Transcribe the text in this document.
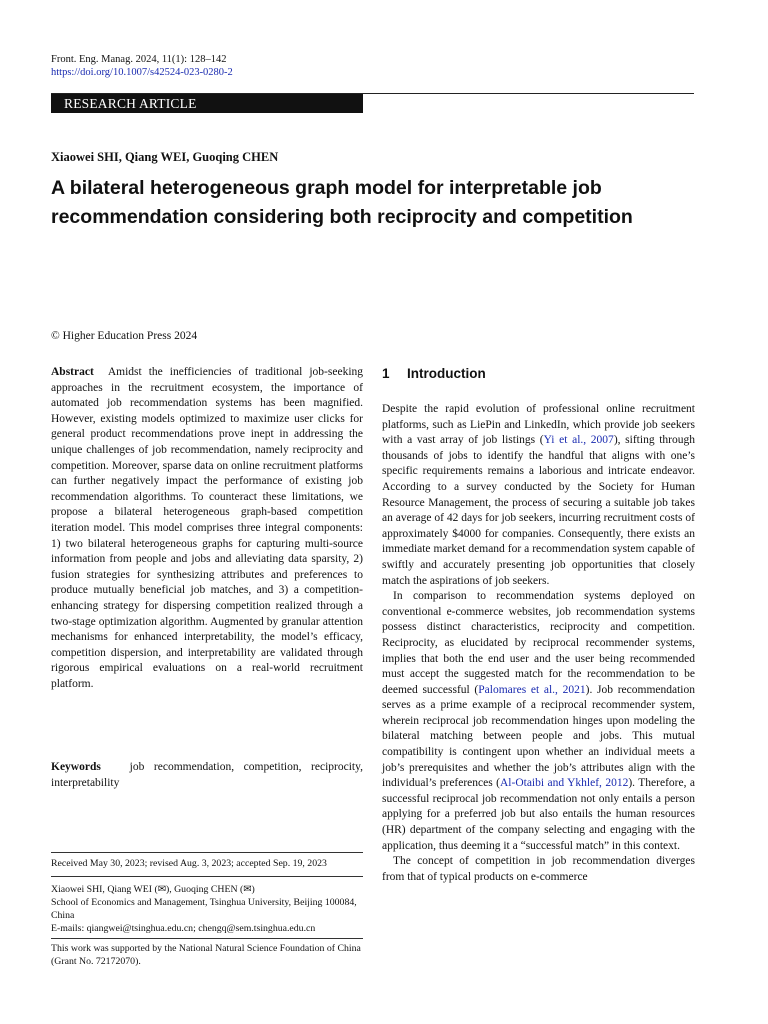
Front. Eng. Manag. 2024, 11(1): 128–142
https://doi.org/10.1007/s42524-023-0280-2
RESEARCH ARTICLE
Xiaowei SHI, Qiang WEI, Guoqing CHEN
A bilateral heterogeneous graph model for interpretable job recommendation considering both reciprocity and competition
© Higher Education Press 2024
Abstract Amidst the inefficiencies of traditional job-seeking approaches in the recruitment ecosystem, the importance of automated job recommendation systems has been magnified. However, existing models optimized to maximize user clicks for general product recommendations prove inept in addressing the unique challenges of job recommendation, namely reciprocity and competition. Moreover, sparse data on online recruitment platforms can further negatively impact the performance of existing job recommendation algorithms. To counteract these limitations, we propose a bilateral heterogeneous graph-based competition iteration model. This model comprises three integral components: 1) two bilateral heterogeneous graphs for capturing multi-source information from people and jobs and alleviating data sparsity, 2) fusion strategies for synthesizing attributes and preferences to produce mutually beneficial job matches, and 3) a competition-enhancing strategy for dispersing competition realized through a two-stage optimization algorithm. Augmented by granular attention mechanisms for enhanced interpretability, the model’s efficacy, competition dispersion, and interpretability are validated through rigorous empirical evaluations on a real-world recruitment platform.
Keywords	job recommendation, competition, reciprocity, interpretability
Received May 30, 2023; revised Aug. 3, 2023; accepted Sep. 19, 2023
Xiaowei SHI, Qiang WEI (✉), Guoqing CHEN (✉)
School of Economics and Management, Tsinghua University, Beijing 100084, China
E-mails: qiangwei@tsinghua.edu.cn; chengq@sem.tsinghua.edu.cn
This work was supported by the National Natural Science Foundation of China (Grant No. 72172070).
1 Introduction

Despite the rapid evolution of professional online recruitment platforms, such as LiePin and LinkedIn, which provide job seekers with a vast array of job listings (Yi et al., 2007), sifting through thousands of jobs to identify the handful that aligns with one’s specific requirements remains a laborious and intricate endeavor. According to a survey conducted by the Society for Human Resource Management, the process of securing a suitable job takes an average of 42 days for job seekers, incurring recruitment costs of approximately $4000 for companies. Consequently, there exists an immediate market demand for a recommendation system capable of swiftly and accurately presenting job opportunities that closely match the aspirations of job seekers.

In comparison to recommendation systems deployed on conventional e-commerce websites, job recommendation systems possess distinct characteristics, reciprocity and competition. Reciprocity, as elucidated by reciprocal recommender systems, implies that both the end user and the user being recommended must accept the suggested match for the recommendation to be deemed successful (Palomares et al., 2021). Job recommendation serves as a prime example of a reciprocal recommender system, wherein reciprocal job recommendation hinges upon modeling the bilateral matching between people and jobs. This mutual compatibility is contingent upon whether an individual meets a job’s prerequisites and whether the job’s attributes align with the individual’s preferences (Al-Otaibi and Ykhlef, 2012). Therefore, a successful reciprocal job recommendation not only entails a person applying for a preferred job but also entails the human resources (HR) department of the company selecting and engaging with the application, thus deeming it a “successful match” in this context.

The concept of competition in job recommendation diverges from that of typical products on e-commerce
